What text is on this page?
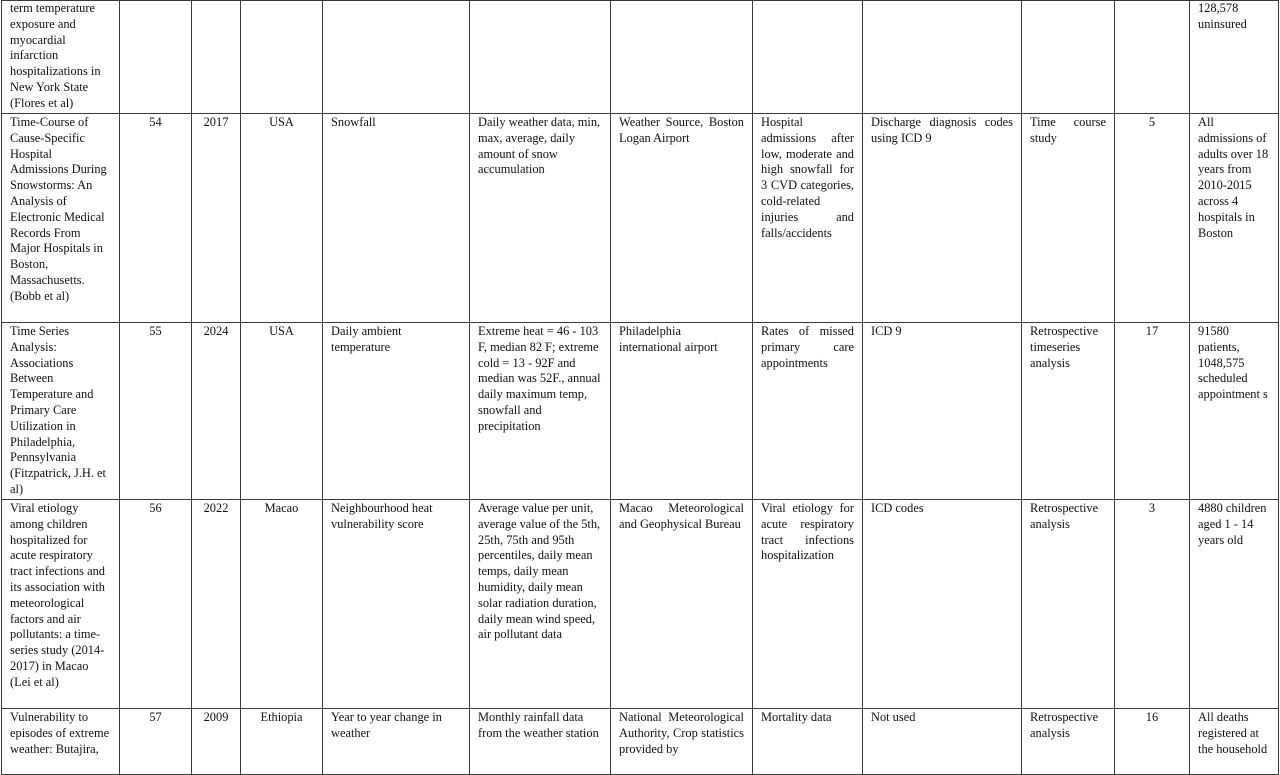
term temperature exposure and myocardial infarction hospitalizations in New York State (Flores et al)											128,578 uninsured
Time-Course of Cause-Specific Hospital Admissions During Snowstorms: An Analysis of Electronic Medical Records From Major Hospitals in Boston, Massachusetts. (Bobb et al)	54	2017	USA	Snowfall	Daily weather data, min, max, average, daily amount of snow accumulation	Weather Source, Boston Logan Airport	Hospital admissions after low, moderate and high snowfall for 3 CVD categories, cold-related injuries and falls/accidents	Discharge diagnosis codes using ICD 9	Time course study	5	All admissions of adults over 18 years from 2010-2015 across 4 hospitals in Boston
Time Series Analysis: Associations Between Temperature and Primary Care Utilization in Philadelphia, Pennsylvania (Fitzpatrick, J.H. et al)	55	2024	USA	Daily ambient temperature	Extreme heat = 46 - 103 F, median 82 F; extreme cold = 13 - 92F and median was 52F., annual daily maximum temp, snowfall and precipitation	Philadelphia international airport	Rates of missed primary care appointments	ICD 9	Retrospective timeseries analysis	17	91580 patients, 1048,575 scheduled appointment s
Viral etiology among children hospitalized for acute respiratory tract infections and its association with meteorological factors and air pollutants: a time-series study (2014-2017) in Macao (Lei et al)	56	2022	Macao	Neighbourhood heat vulnerability score	Average value per unit, average value of the 5th, 25th, 75th and 95th percentiles, daily mean temps, daily mean humidity, daily mean solar radiation duration, daily mean wind speed, air pollutant data	Macao Meteorological and Geophysical Bureau	Viral etiology for acute respiratory tract infections hospitalization	ICD codes	Retrospective analysis	3	4880 children aged 1 - 14 years old
Vulnerability to episodes of extreme weather: Butajira,	57	2009	Ethiopia	Year to year change in weather	Monthly rainfall data from the weather station	National Meteorological Authority, Crop statistics provided by	Mortality data	Not used	Retrospective analysis	16	All deaths registered at the household
